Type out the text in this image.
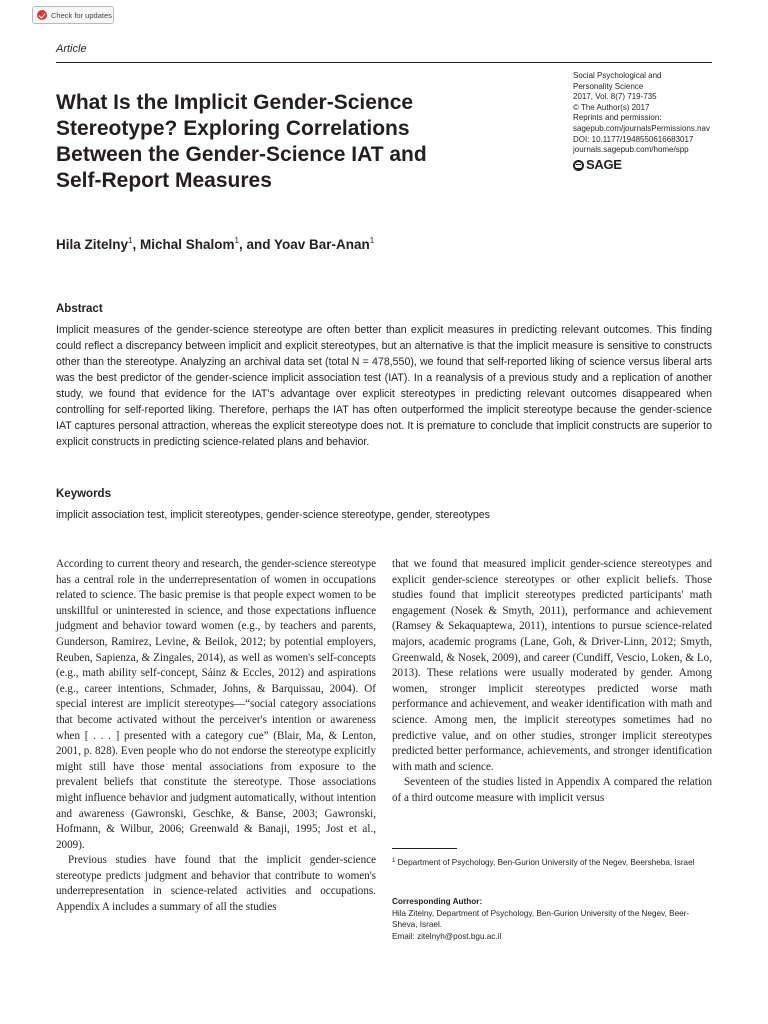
Check for updates
Article
What Is the Implicit Gender-Science Stereotype? Exploring Correlations Between the Gender-Science IAT and Self-Report Measures
Social Psychological and
Personality Science
2017, Vol. 8(7) 719-735
© The Author(s) 2017
Reprints and permission:
sagepub.com/journalsPermissions.nav
DOI: 10.1177/1948550616683017
journals.sagepub.com/home/spp
SAGE
Hila Zitelny$^1$, Michal Shalom$^1$, and Yoav Bar-Anan$^1$
Abstract

Implicit measures of the gender-science stereotype are often better than explicit measures in predicting relevant outcomes. This finding could reflect a discrepancy between implicit and explicit stereotypes, but an alternative is that the implicit measure is sensitive to constructs other than the stereotype. Analyzing an archival data set (total N = 478,550), we found that self-reported liking of science versus liberal arts was the best predictor of the gender-science implicit association test (IAT). In a reanalysis of a previous study and a replication of another study, we found that evidence for the IAT's advantage over explicit stereotypes in predicting relevant outcomes disappeared when controlling for self-reported liking. Therefore, perhaps the IAT has often outperformed the implicit stereotype because the gender-science IAT captures personal attraction, whereas the explicit stereotype does not. It is premature to conclude that implicit constructs are superior to explicit constructs in predicting science-related plans and behavior.

Keywords

implicit association test, implicit stereotypes, gender-science stereotype, gender, stereotypes

According to current theory and research, the gender-science stereotype has a central role in the underrepresentation of women in occupations related to science. The basic premise is that people expect women to be unskillful or uninterested in science, and those expectations influence judgment and behavior toward women (e.g., by teachers and parents, Gunderson, Ramirez, Levine, & Beilok, 2012; by potential employers, Reuben, Sapienza, & Zingales, 2014), as well as women's self-concepts (e.g., math ability self-concept, Sáinz & Eccles, 2012) and aspirations (e.g., career intentions, Schmader, Johns, & Barquissau, 2004). Of special interest are implicit stereotypes—“social category associations that become activated without the perceiver's intention or awareness when [ . . . ] presented with a category cue” (Blair, Ma, & Lenton, 2001, p. 828). Even people who do not endorse the stereotype explicitly might still have those mental associations from exposure to the prevalent beliefs that constitute the stereotype. Those associations might influence behavior and judgment automatically, without intention and awareness (Gawronski, Geschke, & Banse, 2003; Gawronski, Hofmann, & Wilbur, 2006; Greenwald & Banaji, 1995; Jost et al., 2009).

Previous studies have found that the implicit gender-science stereotype predicts judgment and behavior that contribute to women's underrepresentation in science-related activities and occupations. Appendix A includes a summary of all the studies

that we found that measured implicit gender-science stereotypes and explicit gender-science stereotypes or other explicit beliefs. Those studies found that implicit stereotypes predicted participants' math engagement (Nosek & Smyth, 2011), performance and achievement (Ramsey & Sekaquaptewa, 2011), intentions to pursue science-related majors, academic programs (Lane, Goh, & Driver-Linn, 2012; Smyth, Greenwald, & Nosek, 2009), and career (Cundiff, Vescio, Loken, & Lo, 2013). These relations were usually moderated by gender. Among women, stronger implicit stereotypes predicted worse math performance and achievement, and weaker identification with math and science. Among men, the implicit stereotypes sometimes had no predictive value, and on other studies, stronger implicit stereotypes predicted better performance, achievements, and stronger identification with math and science.

Seventeen of the studies listed in Appendix A compared the relation of a third outcome measure with implicit versus

$^1$ Department of Psychology, Ben-Gurion University of the Negev, Beersheba, Israel
Corresponding Author:
Hila Zitelny, Department of Psychology, Ben-Gurion University of the Negev, Beer-Sheva, Israel.
Email: zitelnyh@post.bgu.ac.il
